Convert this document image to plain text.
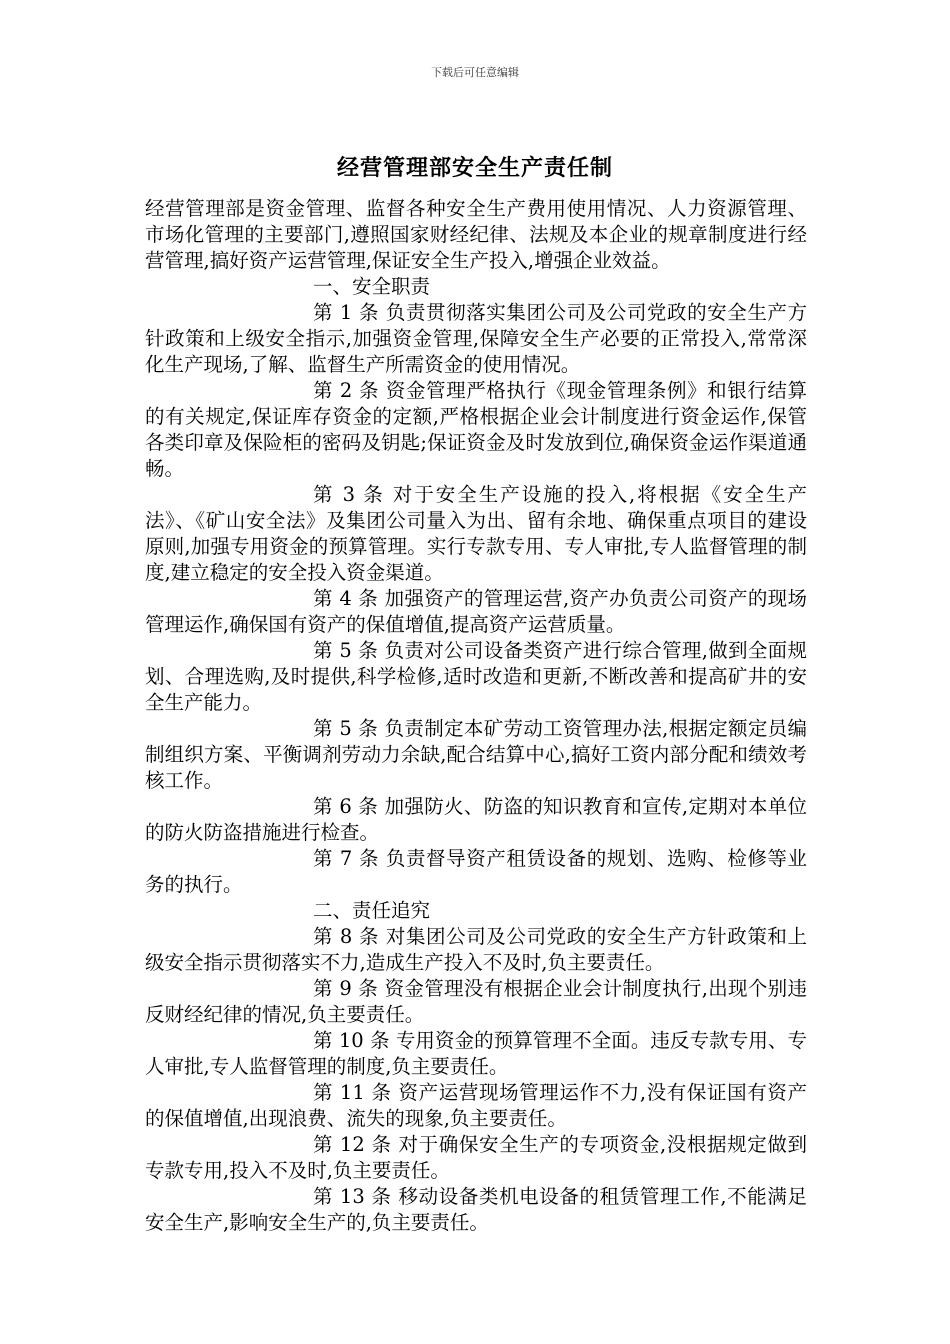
下载后可任意编辑
经营管理部安全生产责任制

经营管理部是资金管理、监督各种安全生产费用使用情况、人力资源管理、市场化管理的主要部门,遵照国家财经纪律、法规及本企业的规章制度进行经营管理,搞好资产运营管理,保证安全生产投入,增强企业效益。

一、安全职责

第 1 条 负责贯彻落实集团公司及公司党政的安全生产方针政策和上级安全指示,加强资金管理,保障安全生产必要的正常投入,常常深化生产现场,了解、监督生产所需资金的使用情况。

第 2 条 资金管理严格执行《现金管理条例》和银行结算的有关规定,保证库存资金的定额,严格根据企业会计制度进行资金运作,保管各类印章及保险柜的密码及钥匙;保证资金及时发放到位,确保资金运作渠道通畅。

第 3 条 对于安全生产设施的投入,将根据《安全生产法》、《矿山安全法》及集团公司量入为出、留有余地、确保重点项目的建设原则,加强专用资金的预算管理。实行专款专用、专人审批,专人监督管理的制度,建立稳定的安全投入资金渠道。

第 4 条 加强资产的管理运营,资产办负责公司资产的现场管理运作,确保国有资产的保值增值,提高资产运营质量。

第 5 条 负责对公司设备类资产进行综合管理,做到全面规划、合理选购,及时提供,科学检修,适时改造和更新,不断改善和提高矿井的安全生产能力。

第 5 条 负责制定本矿劳动工资管理办法,根据定额定员编制组织方案、平衡调剂劳动力余缺,配合结算中心,搞好工资内部分配和绩效考核工作。

第 6 条 加强防火、防盗的知识教育和宣传,定期对本单位的防火防盗措施进行检查。

第 7 条 负责督导资产租赁设备的规划、选购、检修等业务的执行。

二、责任追究

第 8 条 对集团公司及公司党政的安全生产方针政策和上级安全指示贯彻落实不力,造成生产投入不及时,负主要责任。

第 9 条 资金管理没有根据企业会计制度执行,出现个别违反财经纪律的情况,负主要责任。

第 10 条 专用资金的预算管理不全面。违反专款专用、专人审批,专人监督管理的制度,负主要责任。

第 11 条 资产运营现场管理运作不力,没有保证国有资产的保值增值,出现浪费、流失的现象,负主要责任。

第 12 条 对于确保安全生产的专项资金,没根据规定做到专款专用,投入不及时,负主要责任。

第 13 条 移动设备类机电设备的租赁管理工作,不能满足安全生产,影响安全生产的,负主要责任。
